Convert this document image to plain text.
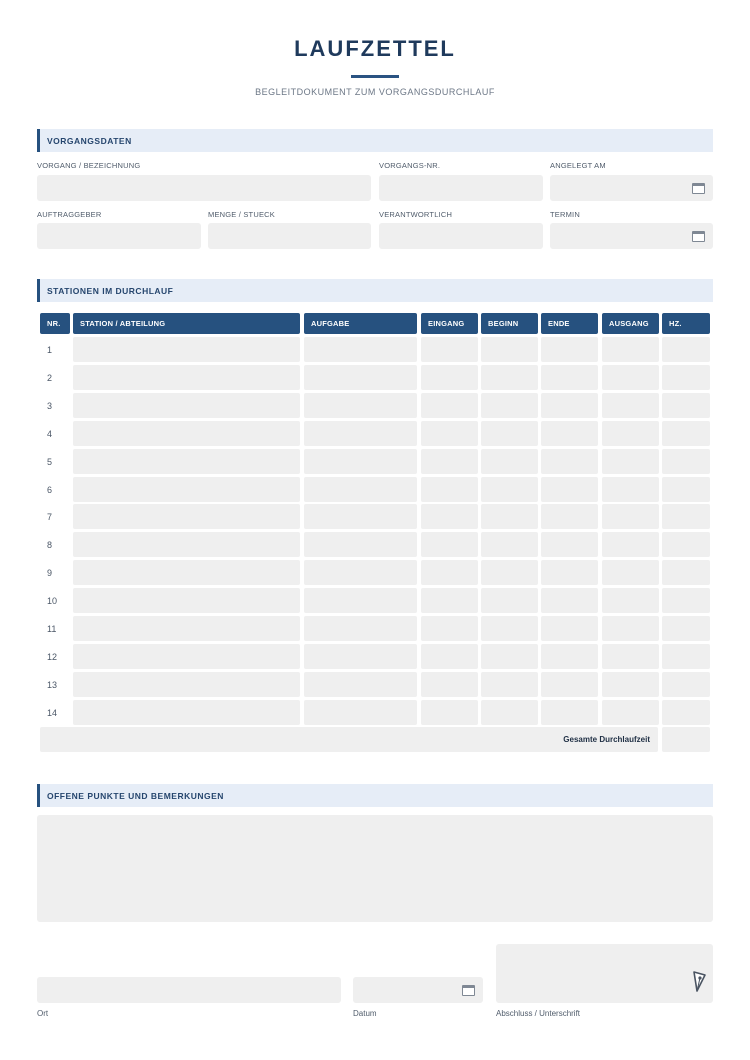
LAUFZETTEL
BEGLEITDOKUMENT ZUM VORGANGSDURCHLAUF
VORGANGSDATEN
VORGANG / BEZEICHNUNG	VORGANGS-NR.	ANGELEGT AM
AUFTRAGGEBER	MENGE / STUECK	VERANTWORTLICH	TERMIN
STATIONEN IM DURCHLAUF
NR.	STATION / ABTEILUNG	AUFGABE	EINGANG	BEGINN	ENDE	AUSGANG	HZ.
1
2
3
4
5
6
7
8
9
10
11
12
13
14
Gesamte Durchlaufzeit
OFFENE PUNKTE UND BEMERKUNGEN
Ort	Datum	Abschluss / Unterschrift
